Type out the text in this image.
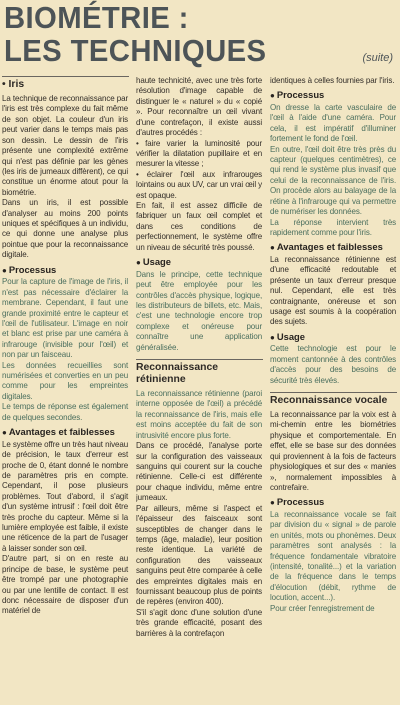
BIOMÉTRIE :
LES TECHNIQUES	(suite)
• Iris

La technique de reconnaissance par l'iris est très complexe du fait même de son objet. La couleur d'un iris peut varier dans le temps mais pas son dessin. Le dessin de l'iris présente une complexité extrême qui n'est pas définie par les gènes (les iris de jumeaux diffèrent), ce qui constitue un énorme atout pour la biométrie.

Dans un iris, il est possible d'analyser au moins 200 points uniques et spécifiques à un individu, ce qui donne une analyse plus pointue que pour la reconnaissance digitale.

● Processus

Pour la capture de l'image de l'iris, il n'est pas nécessaire d'éclairer la membrane. Cependant, il faut une grande proximité entre le capteur et l'œil de l'utilisateur. L'image en noir et blanc est prise par une caméra à infrarouge (invisible pour l'œil) et non par un faisceau.

Les données recueillies sont numérisées et converties en un peu comme pour les empreintes digitales.

Le temps de réponse est également de quelques secondes.

● Avantages et faiblesses

Le système offre un très haut niveau de précision, le taux d'erreur est proche de 0, étant donné le nombre de paramètres pris en compte. Cependant, il pose plusieurs problèmes. Tout d'abord, il s'agit d'un système intrusif : l'œil doit être très proche du capteur. Même si la lumière employée est faible, il existe une réticence de la part de l'usager à laisser sonder son œil.

D'autre part, si on en reste au principe de base, le système peut être trompé par une photographie ou par une lentille de contact. Il est donc nécessaire de disposer d'un matériel de

haute technicité, avec une très forte résolution d'image capable de distinguer le « naturel » du « copié ». Pour reconnaître un œil vivant d'une contrefaçon, il existe aussi d'autres procédés :

• faire varier la luminosité pour vérifier la dilatation pupillaire et en mesurer la vitesse ;

• éclairer l'œil aux infrarouges lointains ou aux UV, car un vrai œil y est opaque.

En fait, il est assez difficile de fabriquer un faux œil complet et dans ces conditions de perfectionnement, le système offre un niveau de sécurité très poussé.

● Usage

Dans le principe, cette technique peut être employée pour les contrôles d'accès physique, logique, les distributeurs de billets, etc. Mais, c'est une technologie encore trop complexe et onéreuse pour connaître une application généralisée.

Reconnaissance rétinienne

La reconnaissance rétinienne (paroi interne opposée de l'œil) a précédé la reconnaissance de l'iris, mais elle est moins acceptée du fait de son intrusivité encore plus forte.

Dans ce procédé, l'analyse porte sur la configuration des vaisseaux sanguins qui courent sur la couche rétinienne. Celle-ci est différente pour chaque individu, même entre jumeaux.

Par ailleurs, même si l'aspect et l'épaisseur des faisceaux sont susceptibles de changer dans le temps (âge, maladie), leur position reste identique. La variété de configuration des vaisseaux sanguins peut être comparée à celle des empreintes digitales mais en fournissant beaucoup plus de points de repères (environ 400).

S'il s'agit donc d'une solution d'une très grande efficacité, posant des barrières à la contrefaçon

identiques à celles fournies par l'iris.

● Processus

On dresse la carte vasculaire de l'œil à l'aide d'une caméra. Pour cela, il est impératif d'illuminer fortement le fond de l'œil.

En outre, l'œil doit être très près du capteur (quelques centimètres), ce qui rend le système plus invasif que celui de la reconnaissance de l'iris. On procède alors au balayage de la rétine à l'infrarouge qui va permettre de numériser les données.

La réponse intervient très rapidement comme pour l'iris.

● Avantages et faiblesses

La reconnaissance rétinienne est d'une efficacité redoutable et présente un taux d'erreur presque nul. Cependant, elle est très contraignante, onéreuse et son usage est soumis à la coopération des sujets.

● Usage

Cette technologie est pour le moment cantonnée à des contrôles d'accès pour des besoins de sécurité très élevés.

Reconnaissance vocale

La reconnaissance par la voix est à mi-chemin entre les biométries physique et comportementale. En effet, elle se base sur des données qui proviennent à la fois de facteurs physiologiques et sur des « manies », normalement impossibles à contrefaire.

● Processus

La reconnaissance vocale se fait par division du « signal » de parole en unités, mots ou phonèmes. Deux paramètres sont analysés : la fréquence fondamentale vibratoire (intensité, tonalité...) et la variation de la fréquence dans le temps d'élocution (débit, rythme de locution, accent...).

Pour créer l'enregistrement de
